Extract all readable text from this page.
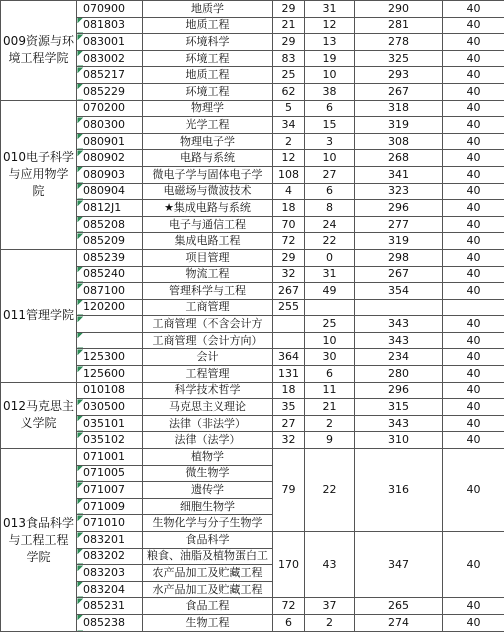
009资源与环境工程学院	070900	地质学	29	31	290	40
	081803	地质工程	21	12	281	40
	083001	环境科学	29	13	278	40
	083002	环境工程	83	19	325	40
	085217	地质工程	25	10	293	40
	085229	环境工程	62	38	267	40
010电子科学与应用物学院	070200	物理学	5	6	318	40
	080300	光学工程	34	15	319	40
	080901	物理电子学	2	3	308	40
	080902	电路与系统	12	10	268	40
	080903	微电子学与固体电子学	108	27	341	40
	080904	电磁场与微波技术	4	6	323	40
	0812J1	★集成电路与系统	18	8	296	40
	085208	电子与通信工程	70	24	277	40
	085209	集成电路工程	72	22	319	40
011管理学院	085239	项目管理	29	0	298	40
	085240	物流工程	32	31	267	40
	087100	管理科学与工程	267	49	354	40
	120200	工商管理	255			
		工商管理（不含会计方		25	343	40
		工商管理（会计方向）		10	343	40
	125300	会计	364	30	234	40
	125600	工程管理	131	6	280	40
012马克思主义学院	010108	科学技术哲学	18	11	296	40
	030500	马克思主义理论	35	21	315	40
	035101	法律（非法学）	27	2	343	40
	035102	法律（法学）	32	9	310	40
013食品科学与工程工程学院	071001	植物学	79	22	316	40
	071005	微生物学				
	071007	遗传学				
	071009	细胞生物学				
	071010	生物化学与分子生物学				
	083201	食品科学	170	43	347	40
	083202	粮食、油脂及植物蛋白工				
	083203	农产品加工及贮藏工程				
	083204	水产品加工及贮藏工程				
	085231	食品工程	72	37	265	40
	085238	生物工程	6	2	274	40
